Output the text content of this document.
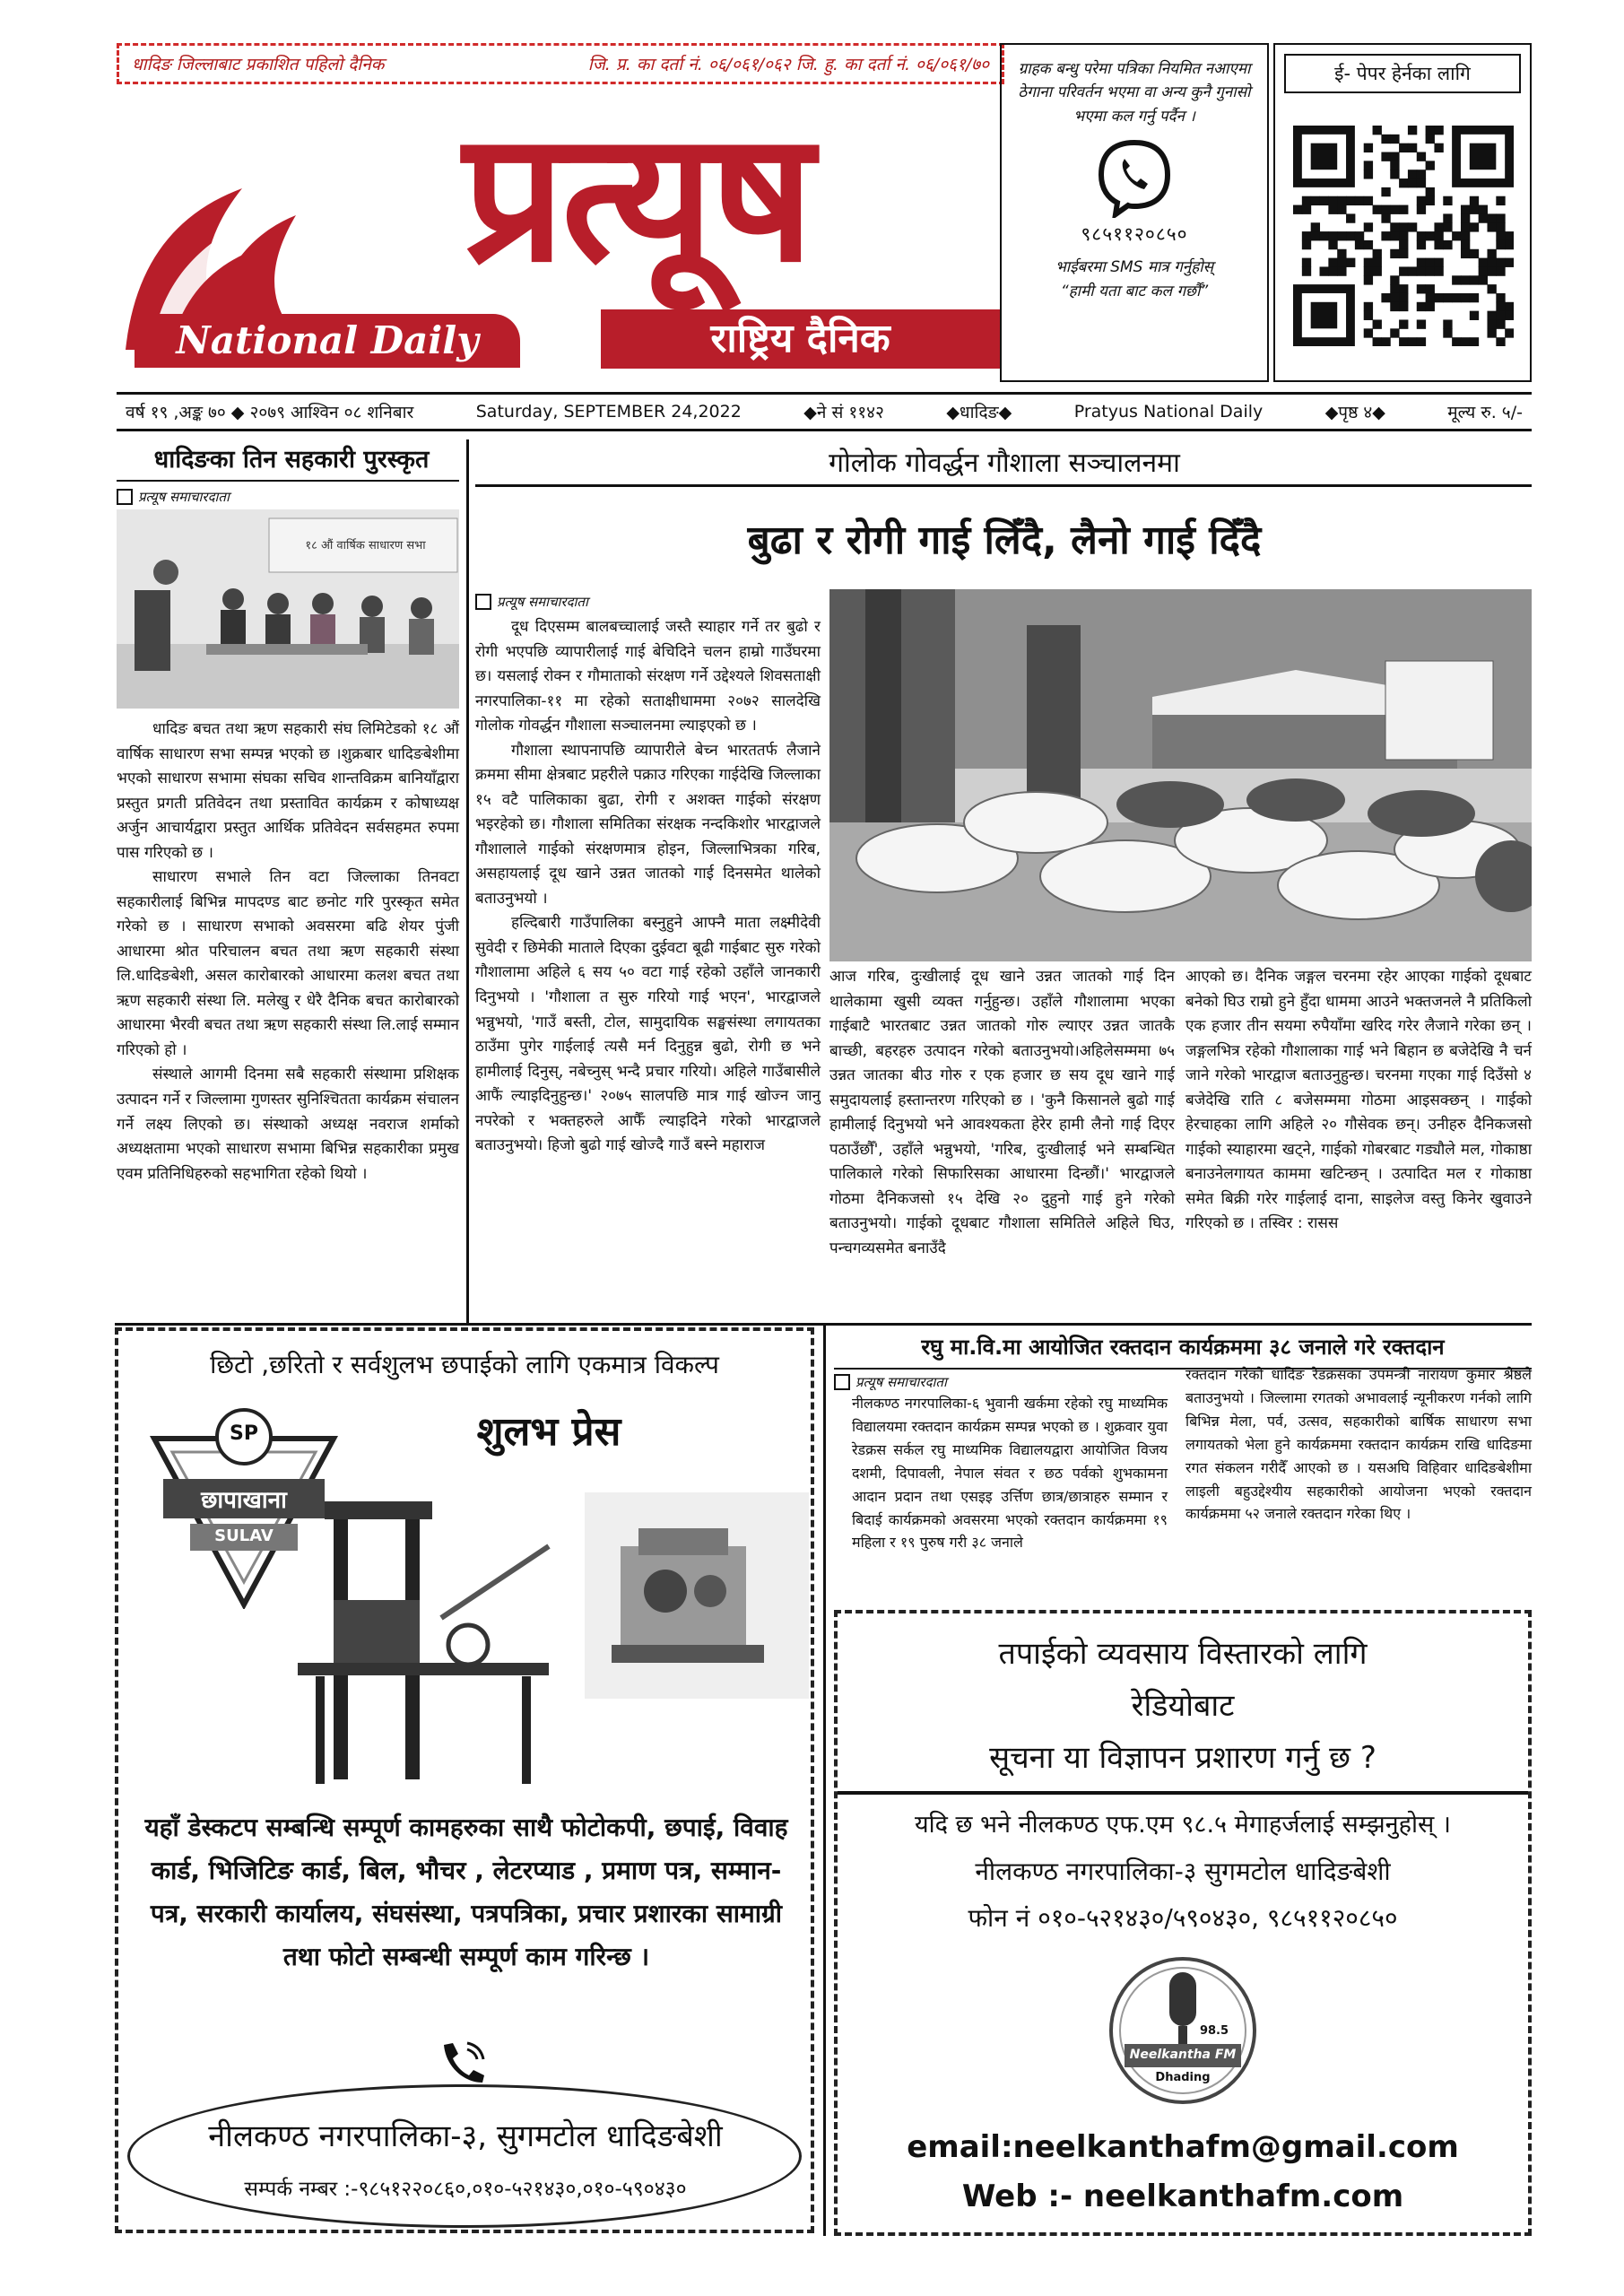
धादिङ जिल्लाबाट प्रकाशित पहिलो दैनिक	जि. प्र. का दर्ता नं. ०६/०६१/०६२ जि. हु. का दर्ता नं. ०६/०६१/७०
प्रत्यूष
National Daily	राष्ट्रिय दैनिक
ग्राहक बन्धु परेमा पत्रिका नियमित नआएमा ठेगाना परिवर्तन भएमा वा अन्य कुनै गुनासो भएमा कल गर्नु पर्दैन ।
९८५११२०८५०
भाईबरमा SMS मात्र गर्नुहोस्
“हामी यता बाट कल गर्छौं”
ई- पेपर हेर्नका लागि
वर्ष १९ ,अङ्क ७० ◆ २०७९ आश्विन ०८ शनिबार	Saturday, SEPTEMBER 24,2022	◆ने सं ११४२	◆धादिङ◆	Pratyus National Daily	◆पृष्ठ ४◆	मूल्य रु. ५/-
धादिङका तिन सहकारी पुरस्कृत
प्रत्यूष समाचारदाता
१८ औं वार्षिक साधारण सभा

धादिङ बचत तथा ऋण सहकारी संघ लिमिटेडको १८ औं वार्षिक साधारण सभा सम्पन्न भएको छ ।शुक्रबार धादिङबेशीमा भएको साधारण सभामा संघका सचिव शान्तविक्रम बानियाँद्वारा प्रस्तुत प्रगती प्रतिवेदन तथा प्रस्तावित कार्यक्रम र कोषाध्यक्ष अर्जुन आचार्यद्वारा प्रस्तुत आर्थिक प्रतिवेदन सर्वसहमत रुपमा पास गरिएको छ ।

साधारण सभाले तिन वटा जिल्लाका तिनवटा सहकारीलाई बिभिन्न मापदण्ड बाट छनोट गरि पुरस्कृत समेत गरेको छ । साधारण सभाको अवसरमा बढि शेयर पुंजी आधारमा श्रोत परिचालन बचत तथा ऋण सहकारी संस्था लि.धादिङबेशी, असल कारोबारको आधारमा कलश बचत तथा ऋण सहकारी संस्था लि. मलेखु र धेरै दैनिक बचत कारोबारको आधारमा भैरवी बचत तथा ऋण सहकारी संस्था लि.लाई सम्मान गरिएको हो ।

संस्थाले आगमी दिनमा सबै सहकारी संस्थामा प्रशिक्षक उत्पादन गर्ने र जिल्लामा गुणस्तर सुनिश्चितता कार्यक्रम संचालन गर्ने लक्ष्य लिएको छ। संस्थाको अध्यक्ष नवराज शर्माको अध्यक्षतामा भएको साधारण सभामा बिभिन्न सहकारीका प्रमुख एवम प्रतिनिधिहरुको सहभागिता रहेको थियो ।

गोलोक गोवर्द्धन गौशाला सञ्चालनमा
बुढा र रोगी गाई लिँदै, लैनो गाई दिँदै
प्रत्यूष समाचारदाता

दूध दिएसम्म बालबच्चालाई जस्तै स्याहार गर्ने तर बुढो र रोगी भएपछि व्यापारीलाई गाई बेचिदिने चलन हाम्रो गाउँघरमा छ। यसलाई रोक्न र गौमाताको संरक्षण गर्ने उद्देश्यले शिवसताक्षी नगरपालिका-११ मा रहेको सताक्षीधाममा २०७२ सालदेखि गोलोक गोवर्द्धन गौशाला सञ्चालनमा ल्याइएको छ ।

गौशाला स्थापनापछि व्यापारीले बेच्न भारततर्फ लैजाने क्रममा सीमा क्षेत्रबाट प्रहरीले पक्राउ गरिएका गाईदेखि जिल्लाका १५ वटै पालिकाका बुढा, रोगी र अशक्त गाईको संरक्षण भइरहेको छ। गौशाला समितिका संरक्षक नन्दकिशोर भारद्वाजले गौशालाले गाईको संरक्षणमात्र होइन, जिल्लाभित्रका गरिब, असहायलाई दूध खाने उन्नत जातको गाई दिनसमेत थालेको बताउनुभयो ।

हल्दिबारी गाउँपालिका बस्नुहुने आफ्नै माता लक्ष्मीदेवी सुवेदी र छिमेकी माताले दिएका दुईवटा बूढी गाईबाट सुरु गरेको गौशालामा अहिले ६ सय ५० वटा गाई रहेको उहाँले जानकारी दिनुभयो । 'गौशाला त सुरु गरियो गाई भएन', भारद्वाजले भन्नुभयो, 'गाउँ बस्ती, टोल, सामुदायिक सङ्घसंस्था लगायतका ठाउँमा पुगेर गाईलाई त्यसै मर्न दिनुहुन्न बुढो, रोगी छ भने हामीलाई दिनुस्, नबेच्नुस् भन्दै प्रचार गरियो। अहिले गाउँबासीले आफैं ल्याइदिनुहुन्छ।' २०७५ सालपछि मात्र गाई खोज्न जानु नपरेको र भक्तहरुले आफैँ ल्याइदिने गरेको भारद्वाजले बताउनुभयो। हिजो बुढो गाई खोज्दै गाउँ बस्ने महाराज

आज गरिब, दुःखीलाई दूध खाने उन्नत जातको गाई दिन थालेकामा खुसी व्यक्त गर्नुहुन्छ। उहाँले गौशालामा भएका गाईबाटै भारतबाट उन्नत जातको गोरु ल्याएर उन्नत जातकै बाच्छी, बहरहरु उत्पादन गरेको बताउनुभयो।अहिलेसम्ममा ७५ उन्नत जातका बीउ गोरु र एक हजार छ सय दूध खाने गाई समुदायलाई हस्तान्तरण गरिएको छ । 'कुनै किसानले बुढो गाई हामीलाई दिनुभयो भने आवश्यकता हेरेर हामी लैनो गाई दिएर पठाउँछौँ', उहाँले भन्नुभयो, 'गरिब, दुःखीलाई भने सम्बन्धित पालिकाले गरेको सिफारिसका आधारमा दिन्छौं।' भारद्वाजले गोठमा दैनिकजसो १५ देखि २० दुहुनो गाई हुने गरेको बताउनुभयो। गाईको दूधबाट गौशाला समितिले अहिले घिउ, पन्चगव्यसमेत बनाउँदै
आएको छ। दैनिक जङ्गल चरनमा रहेर आएका गाईको दूधबाट बनेको घिउ राम्रो हुने हुँदा धाममा आउने भक्तजनले नै प्रतिकिलो एक हजार तीन सयमा रुपैयाँमा खरिद गरेर लैजाने गरेका छन् । जङ्गलभित्र रहेको गौशालाका गाई भने बिहान छ बजेदेखि नै चर्न जाने गरेको भारद्वाज बताउनुहुन्छ। चरनमा गएका गाई दिउँसो ४ बजेदेखि राति ८ बजेसम्ममा गोठमा आइसक्छन् । गाईको हेरचाहका लागि अहिले २० गौसेवक छन्। उनीहरु दैनिकजसो गाईको स्याहारमा खट्ने, गाईको गोबरबाट गड्यौले मल, गोकाष्ठा बनाउनेलगायत काममा खटिन्छन् । उत्पादित मल र गोकाष्ठा समेत बिक्री गरेर गाईलाई दाना, साइलेज वस्तु किनेर खुवाउने गरिएको छ । तस्विर : रासस
छिटो ,छरितो र सर्वशुलभ छपाईको लागि एकमात्र विकल्प
शुलभ प्रेस
SP
छापाखाना
SULAV
यहाँ डेस्कटप सम्बन्धि सम्पूर्ण कामहरुका साथै फोटोकपी, छपाई, विवाह कार्ड, भिजिटिङ कार्ड, बिल, भौचर , लेटरप्याड , प्रमाण पत्र, सम्मान-पत्र, सरकारी कार्यालय, संघसंस्था, पत्रपत्रिका, प्रचार प्रशारका सामाग्री तथा फोटो सम्बन्धी सम्पूर्ण काम गरिन्छ ।
नीलकण्ठ नगरपालिका-३, सुगमटोल धादिङबेशी
सम्पर्क नम्बर :-९८५१२२०८६०,०१०-५२१४३०,०१०-५९०४३०
रघु मा.वि.मा आयोजित रक्तदान कार्यक्रममा ३८ जनाले गरे रक्तदान
प्रत्यूष समाचारदाता
नीलकण्ठ नगरपालिका-६ भुवानी खर्कमा रहेको रघु माध्यमिक विद्यालयमा रक्तदान कार्यक्रम सम्पन्न भएको छ । शुक्रवार युवा रेडक्रस सर्कल रघु माध्यमिक विद्यालयद्वारा आयोजित विजय दशमी, दिपावली, नेपाल संवत र छठ पर्वको शुभकामना आदान प्रदान तथा एसइइ उर्त्तिण छात्र/छात्राहरु सम्मान र बिदाई कार्यक्रमको अवसरमा भएको रक्तदान कार्यक्रममा १९ महिला र १९ पुरुष गरी ३८ जनाले
रक्तदान गरेको धादिङ रेडक्रसका उपमन्त्री नारायण कुमार श्रेष्ठले बताउनुभयो । जिल्लामा रगतको अभावलाई न्यूनीकरण गर्नको लागि बिभिन्न मेला, पर्व, उत्सव, सहकारीको बार्षिक साधारण सभा लगायतको भेला हुने कार्यक्रममा रक्तदान कार्यक्रम राखि धादिङमा रगत संकलन गरीदैँ आएको छ । यसअघि विहिवार धादिङबेशीमा लाइली बहुउद्देश्यीय सहकारीको आयोजना भएको रक्तदान कार्यक्रममा ५२ जनाले रक्तदान गरेका थिए ।
तपाईको व्यवसाय विस्तारको लागि
रेडियोबाट
सूचना या विज्ञापन प्रशारण गर्नु छ ?
यदि छ भने नीलकण्ठ एफ.एम ९८.५ मेगाहर्जलाई सम्झनुहोस् ।
नीलकण्ठ नगरपालिका-३ सुगमटोल धादिङबेशी
फोन नं ०१०-५२१४३०/५९०४३०, ९८५११२०८५०
98.5
Neelkantha FM
Dhading
email:neelkanthafm@gmail.com
Web :- neelkanthafm.com
